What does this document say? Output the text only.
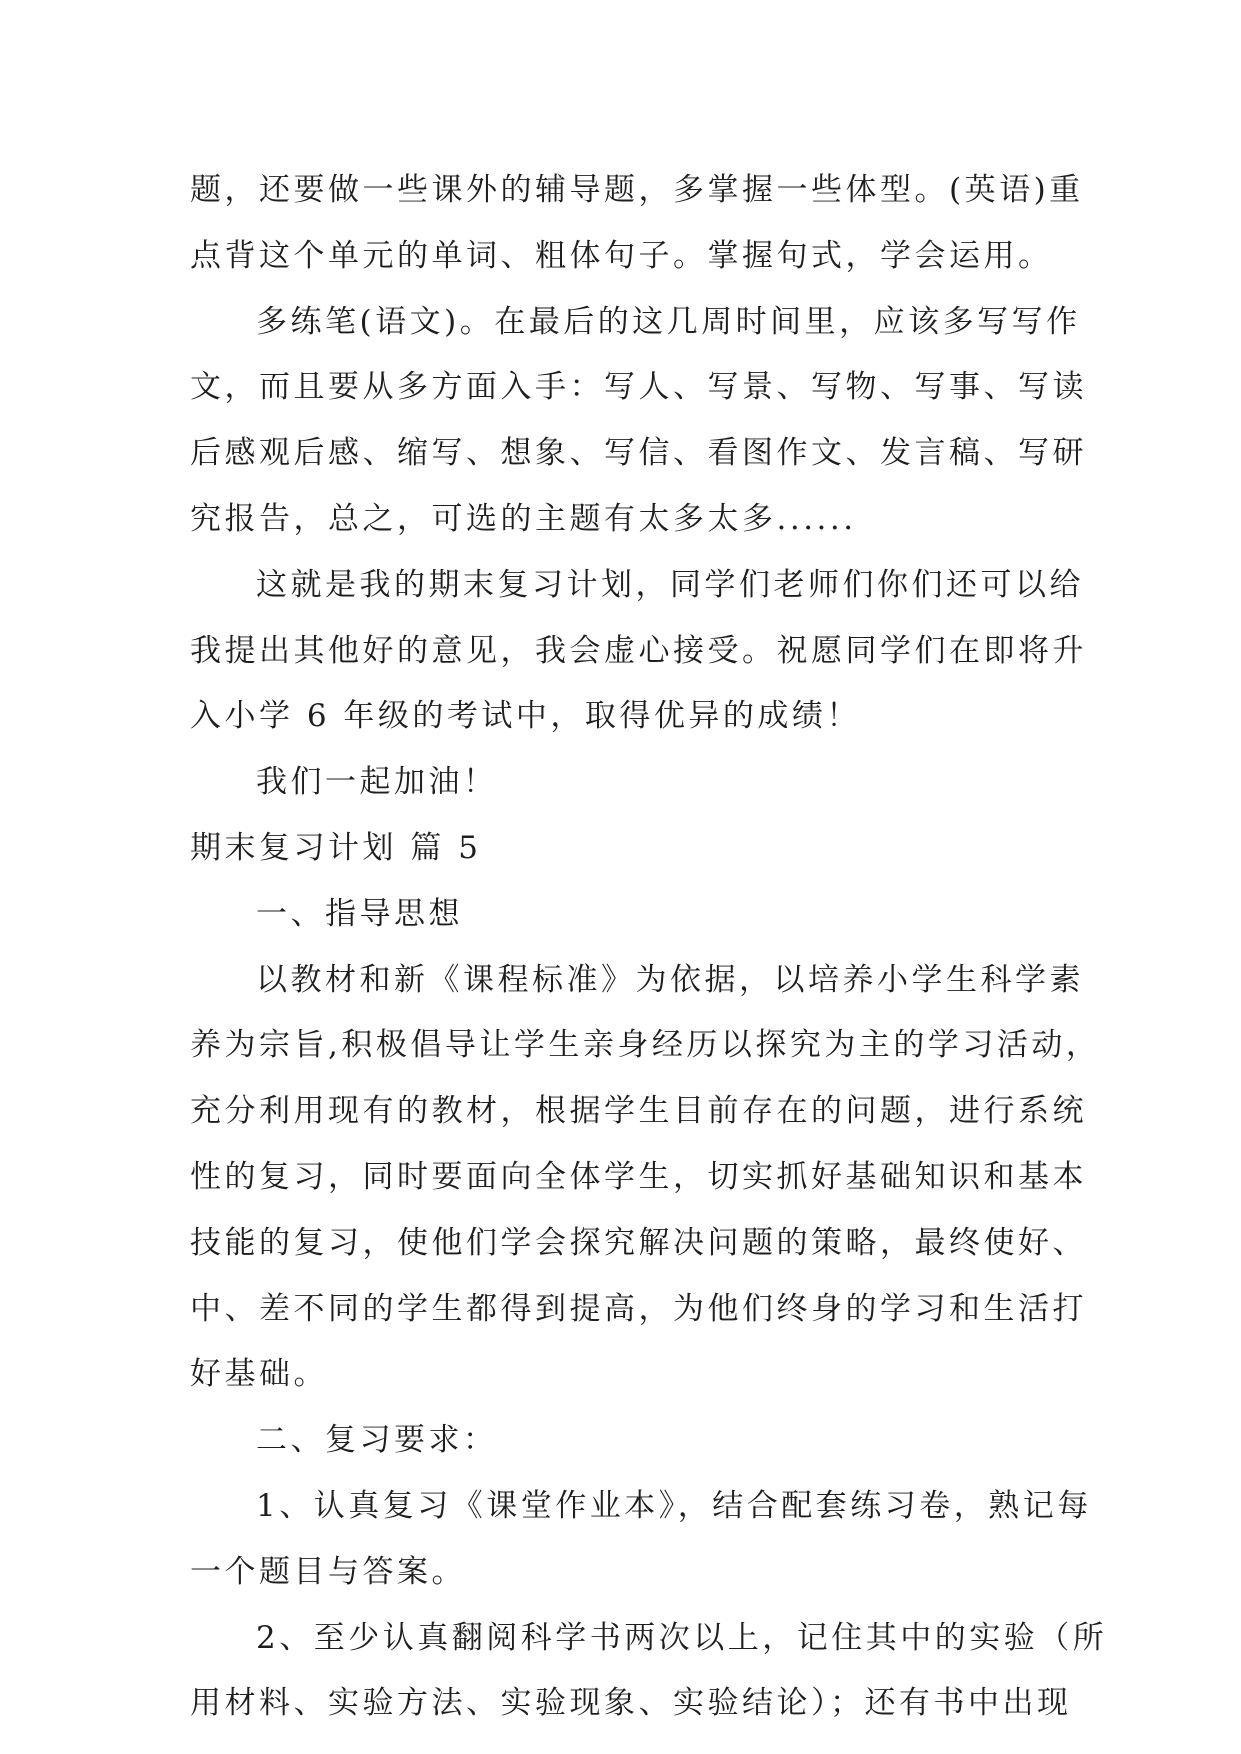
题，还要做一些课外的辅导题，多掌握一些体型。(英语)重
点背这个单元的单词、粗体句子。掌握句式，学会运用。
多练笔(语文)。在最后的这几周时间里，应该多写写作
文，而且要从多方面入手：写人、写景、写物、写事、写读
后感观后感、缩写、想象、写信、看图作文、发言稿、写研
究报告，总之，可选的主题有太多太多......
这就是我的期末复习计划，同学们老师们你们还可以给
我提出其他好的意见，我会虚心接受。祝愿同学们在即将升
入小学 6 年级的考试中，取得优异的成绩！
我们一起加油！
期末复习计划 篇 5
一、指导思想
以教材和新《课程标准》为依据，以培养小学生科学素
养为宗旨,积极倡导让学生亲身经历以探究为主的学习活动，
充分利用现有的教材，根据学生目前存在的问题，进行系统
性的复习，同时要面向全体学生，切实抓好基础知识和基本
技能的复习，使他们学会探究解决问题的策略，最终使好、
中、差不同的学生都得到提高，为他们终身的学习和生活打
好基础。
二、复习要求：
1、认真复习《课堂作业本》，结合配套练习卷，熟记每
一个题目与答案。
2、至少认真翻阅科学书两次以上，记住其中的实验（所
用材料、实验方法、实验现象、实验结论）；还有书中出现
